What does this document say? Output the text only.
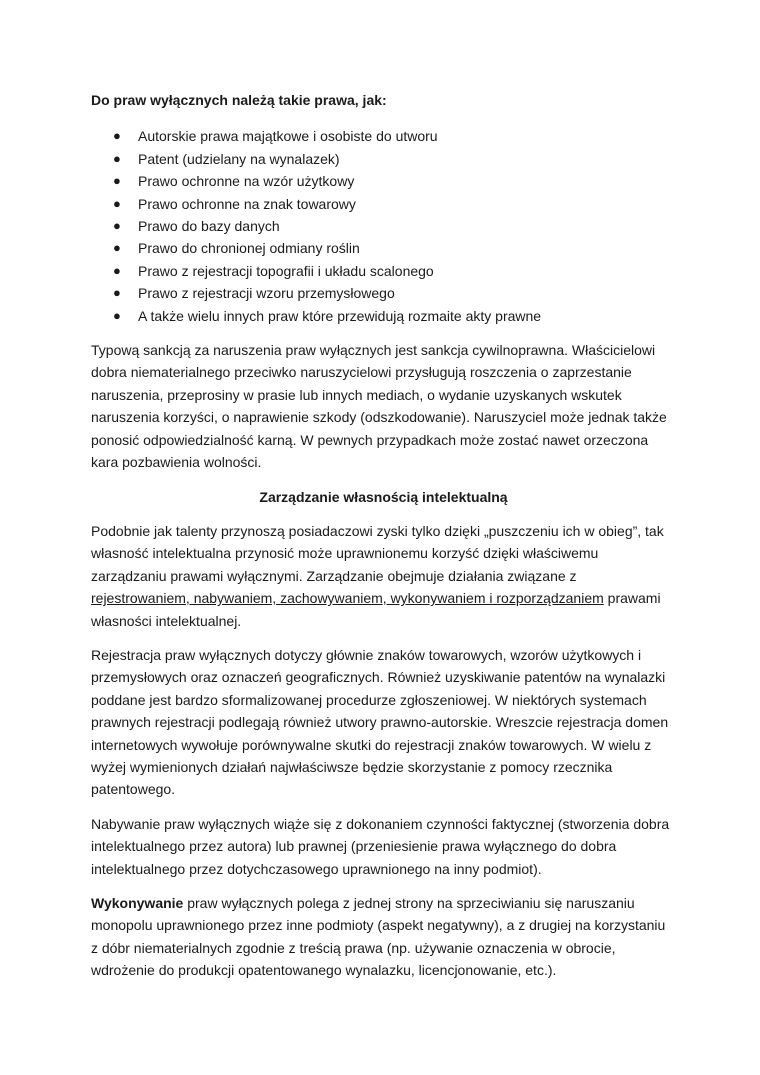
Do praw wyłącznych należą takie prawa, jak:
● Autorskie prawa majątkowe i osobiste do utworu
● Patent (udzielany na wynalazek)
● Prawo ochronne na wzór użytkowy
● Prawo ochronne na znak towarowy
● Prawo do bazy danych
● Prawo do chronionej odmiany roślin
● Prawo z rejestracji topografii i układu scalonego
● Prawo z rejestracji wzoru przemysłowego
● A także wielu innych praw które przewidują rozmaite akty prawne

Typową sankcją za naruszenia praw wyłącznych jest sankcja cywilnoprawna. Właścicielowi dobra niematerialnego przeciwko naruszycielowi przysługują roszczenia o zaprzestanie naruszenia, przeprosiny w prasie lub innych mediach, o wydanie uzyskanych wskutek naruszenia korzyści, o naprawienie szkody (odszkodowanie). Naruszyciel może jednak także ponosić odpowiedzialność karną. W pewnych przypadkach może zostać nawet orzeczona kara pozbawienia wolności.

Zarządzanie własnością intelektualną

Podobnie jak talenty przynoszą posiadaczowi zyski tylko dzięki „puszczeniu ich w obieg”, tak własność intelektualna przynosić może uprawnionemu korzyść dzięki właściwemu zarządzaniu prawami wyłącznymi. Zarządzanie obejmuje działania związane z rejestrowaniem, nabywaniem, zachowywaniem, wykonywaniem i rozporządzaniem prawami własności intelektualnej.

Rejestracja praw wyłącznych dotyczy głównie znaków towarowych, wzorów użytkowych i przemysłowych oraz oznaczeń geograficznych. Również uzyskiwanie patentów na wynalazki poddane jest bardzo sformalizowanej procedurze zgłoszeniowej. W niektórych systemach prawnych rejestracji podlegają również utwory prawno-autorskie. Wreszcie rejestracja domen internetowych wywołuje porównywalne skutki do rejestracji znaków towarowych. W wielu z wyżej wymienionych działań najwłaściwsze będzie skorzystanie z pomocy rzecznika patentowego.

Nabywanie praw wyłącznych wiąże się z dokonaniem czynności faktycznej (stworzenia dobra intelektualnego przez autora) lub prawnej (przeniesienie prawa wyłącznego do dobra intelektualnego przez dotychczasowego uprawnionego na inny podmiot).

Wykonywanie praw wyłącznych polega z jednej strony na sprzeciwianiu się naruszaniu monopolu uprawnionego przez inne podmioty (aspekt negatywny), a z drugiej na korzystaniu z dóbr niematerialnych zgodnie z treścią prawa (np. używanie oznaczenia w obrocie, wdrożenie do produkcji opatentowanego wynalazku, licencjonowanie, etc.).
